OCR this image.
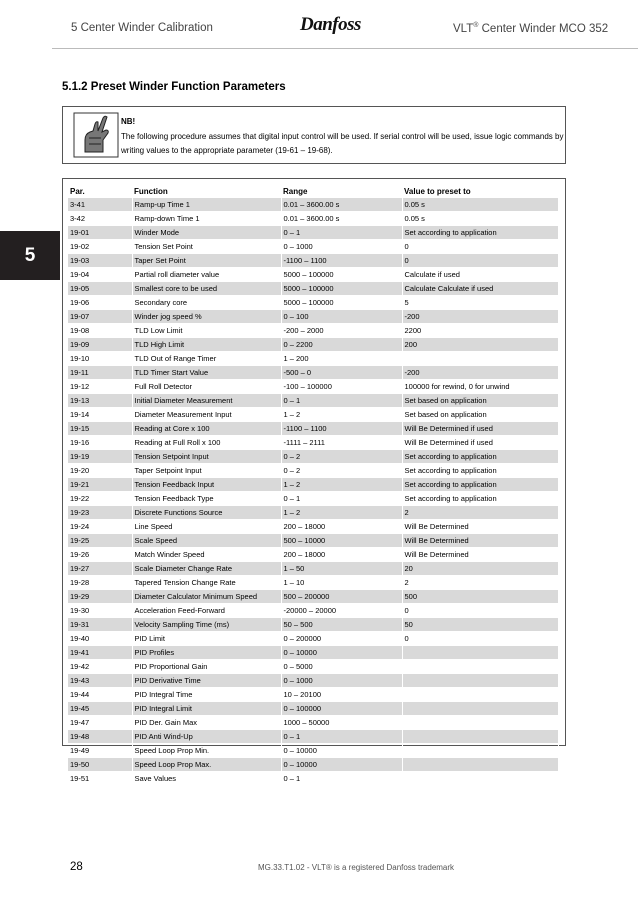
5 Center Winder Calibration	Danfoss	VLT® Center Winder MCO 352
5
5.1.2 Preset Winder Function Parameters
NB!
The following procedure assumes that digital input control will be used. If serial control will be used, issue logic commands by writing values to the appropriate parameter (19-61 – 19-68).
Par.	Function	Range	Value to preset to
3-41	Ramp-up Time 1	0.01 – 3600.00 s	0.05 s
3-42	Ramp-down Time 1	0.01 – 3600.00 s	0.05 s
19-01	Winder Mode	0 – 1	Set according to application
19-02	Tension Set Point	0 – 1000	0
19-03	Taper Set Point	-1100 – 1100	0
19-04	Partial roll diameter value	5000 – 100000	Calculate if used
19-05	Smallest core to be used	5000 – 100000	Calculate Calculate if used
19-06	Secondary core	5000 – 100000	5
19-07	Winder jog speed %	0 – 100	-200
19-08	TLD Low Limit	-200 – 2000	2200
19-09	TLD High Limit	0 – 2200	200
19-10	TLD Out of Range Timer	1 – 200	
19-11	TLD Timer Start Value	-500 – 0	-200
19-12	Full Roll Detector	-100 – 100000	100000 for rewind, 0 for unwind
19-13	Initial Diameter Measurement	0 – 1	Set based on application
19-14	Diameter Measurement Input	1 – 2	Set based on application
19-15	Reading at Core x 100	-1100 – 1100	Will Be Determined if used
19-16	Reading at Full Roll x 100	-1111 – 2111	Will Be Determined if used
19-19	Tension Setpoint Input	0 – 2	Set according to application
19-20	Taper Setpoint Input	0 – 2	Set according to application
19-21	Tension Feedback Input	1 – 2	Set according to application
19-22	Tension Feedback Type	0 – 1	Set according to application
19-23	Discrete Functions Source	1 – 2	2
19-24	Line Speed	200 – 18000	Will Be Determined
19-25	Scale Speed	500 – 10000	Will Be Determined
19-26	Match Winder Speed	200 – 18000	Will Be Determined
19-27	Scale Diameter Change Rate	1 – 50	20
19-28	Tapered Tension Change Rate	1 – 10	2
19-29	Diameter Calculator Minimum Speed	500 – 200000	500
19-30	Acceleration Feed-Forward	-20000 – 20000	0
19-31	Velocity Sampling Time (ms)	50 – 500	50
19-40	PID Limit	0 – 200000	0
19-41	PID Profiles	0 – 10000	
19-42	PID Proportional Gain	0 – 5000	
19-43	PID Derivative Time	0 – 1000	
19-44	PID Integral Time	10 – 20100	
19-45	PID Integral Limit	0 – 100000	
19-47	PID Der. Gain Max	1000 – 50000	
19-48	PID Anti Wind-Up	0 – 1	
19-49	Speed Loop Prop Min.	0 – 10000	
19-50	Speed Loop Prop Max.	0 – 10000	
19-51	Save Values	0 – 1	
28	MG.33.T1.02 - VLT® is a registered Danfoss trademark
